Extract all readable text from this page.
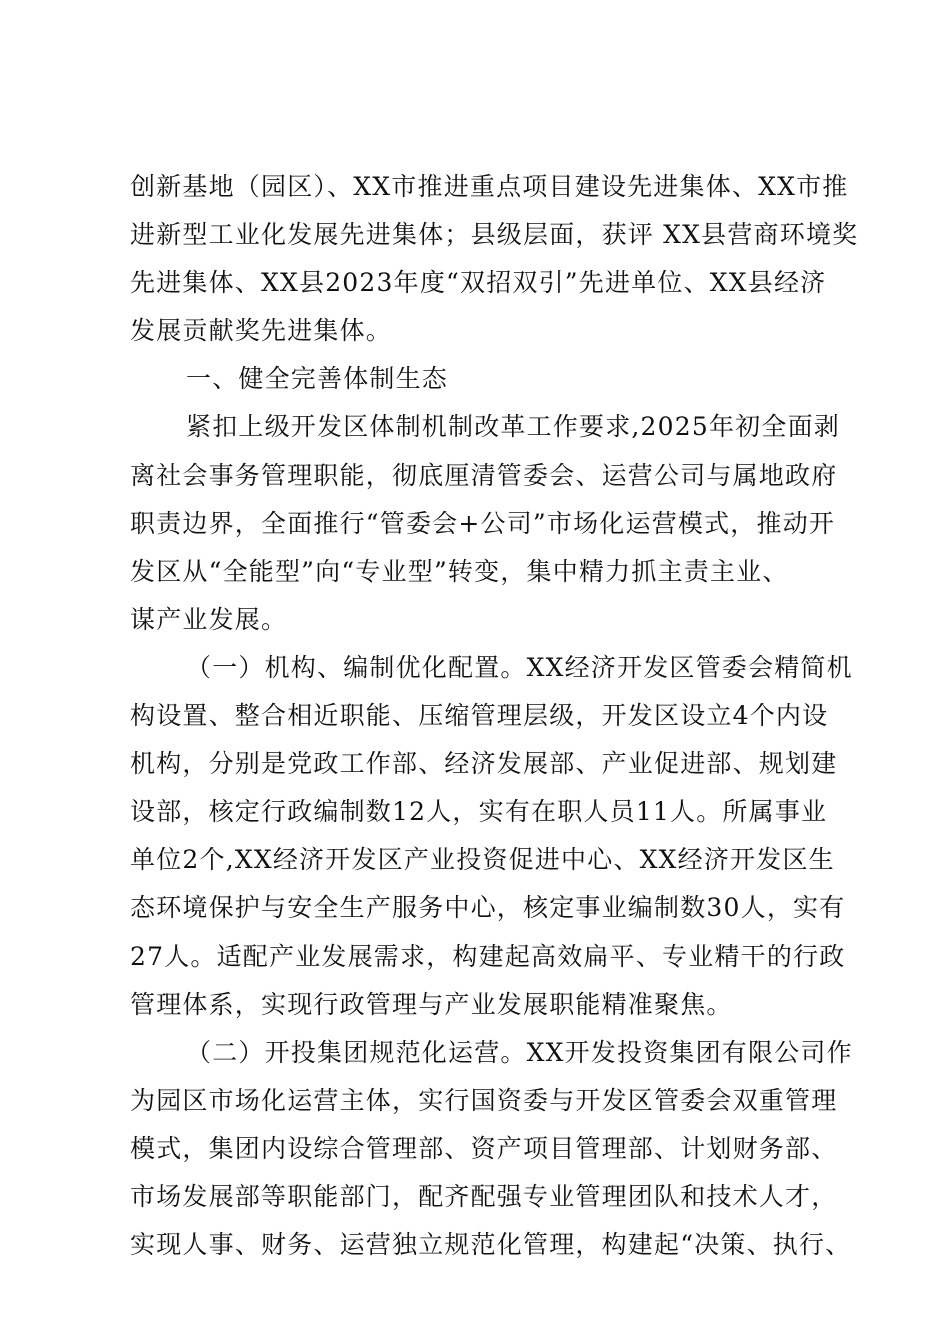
创新基地（园区）、XX市推进重点项目建设先进集体、XX市推
进新型工业化发展先进集体；县级层面，获评 XX县营商环境奖
先进集体、XX县2023年度“双招双引”先进单位、XX县经济
发展贡献奖先进集体。
一、健全完善体制生态
紧扣上级开发区体制机制改革工作要求,2025年初全面剥
离社会事务管理职能，彻底厘清管委会、运营公司与属地政府
职责边界，全面推行“管委会+公司”市场化运营模式，推动开
发区从“全能型”向“专业型”转变，集中精力抓主责主业、
谋产业发展。
（一）机构、编制优化配置。XX经济开发区管委会精简机
构设置、整合相近职能、压缩管理层级，开发区设立4个内设
机构，分别是党政工作部、经济发展部、产业促进部、规划建
设部，核定行政编制数12人，实有在职人员11人。所属事业
单位2个,XX经济开发区产业投资促进中心、XX经济开发区生
态环境保护与安全生产服务中心，核定事业编制数30人，实有
27人。适配产业发展需求，构建起高效扁平、专业精干的行政
管理体系，实现行政管理与产业发展职能精准聚焦。
（二）开投集团规范化运营。XX开发投资集团有限公司作
为园区市场化运营主体，实行国资委与开发区管委会双重管理
模式，集团内设综合管理部、资产项目管理部、计划财务部、
市场发展部等职能部门，配齐配强专业管理团队和技术人才，
实现人事、财务、运营独立规范化管理，构建起“决策、执行、
